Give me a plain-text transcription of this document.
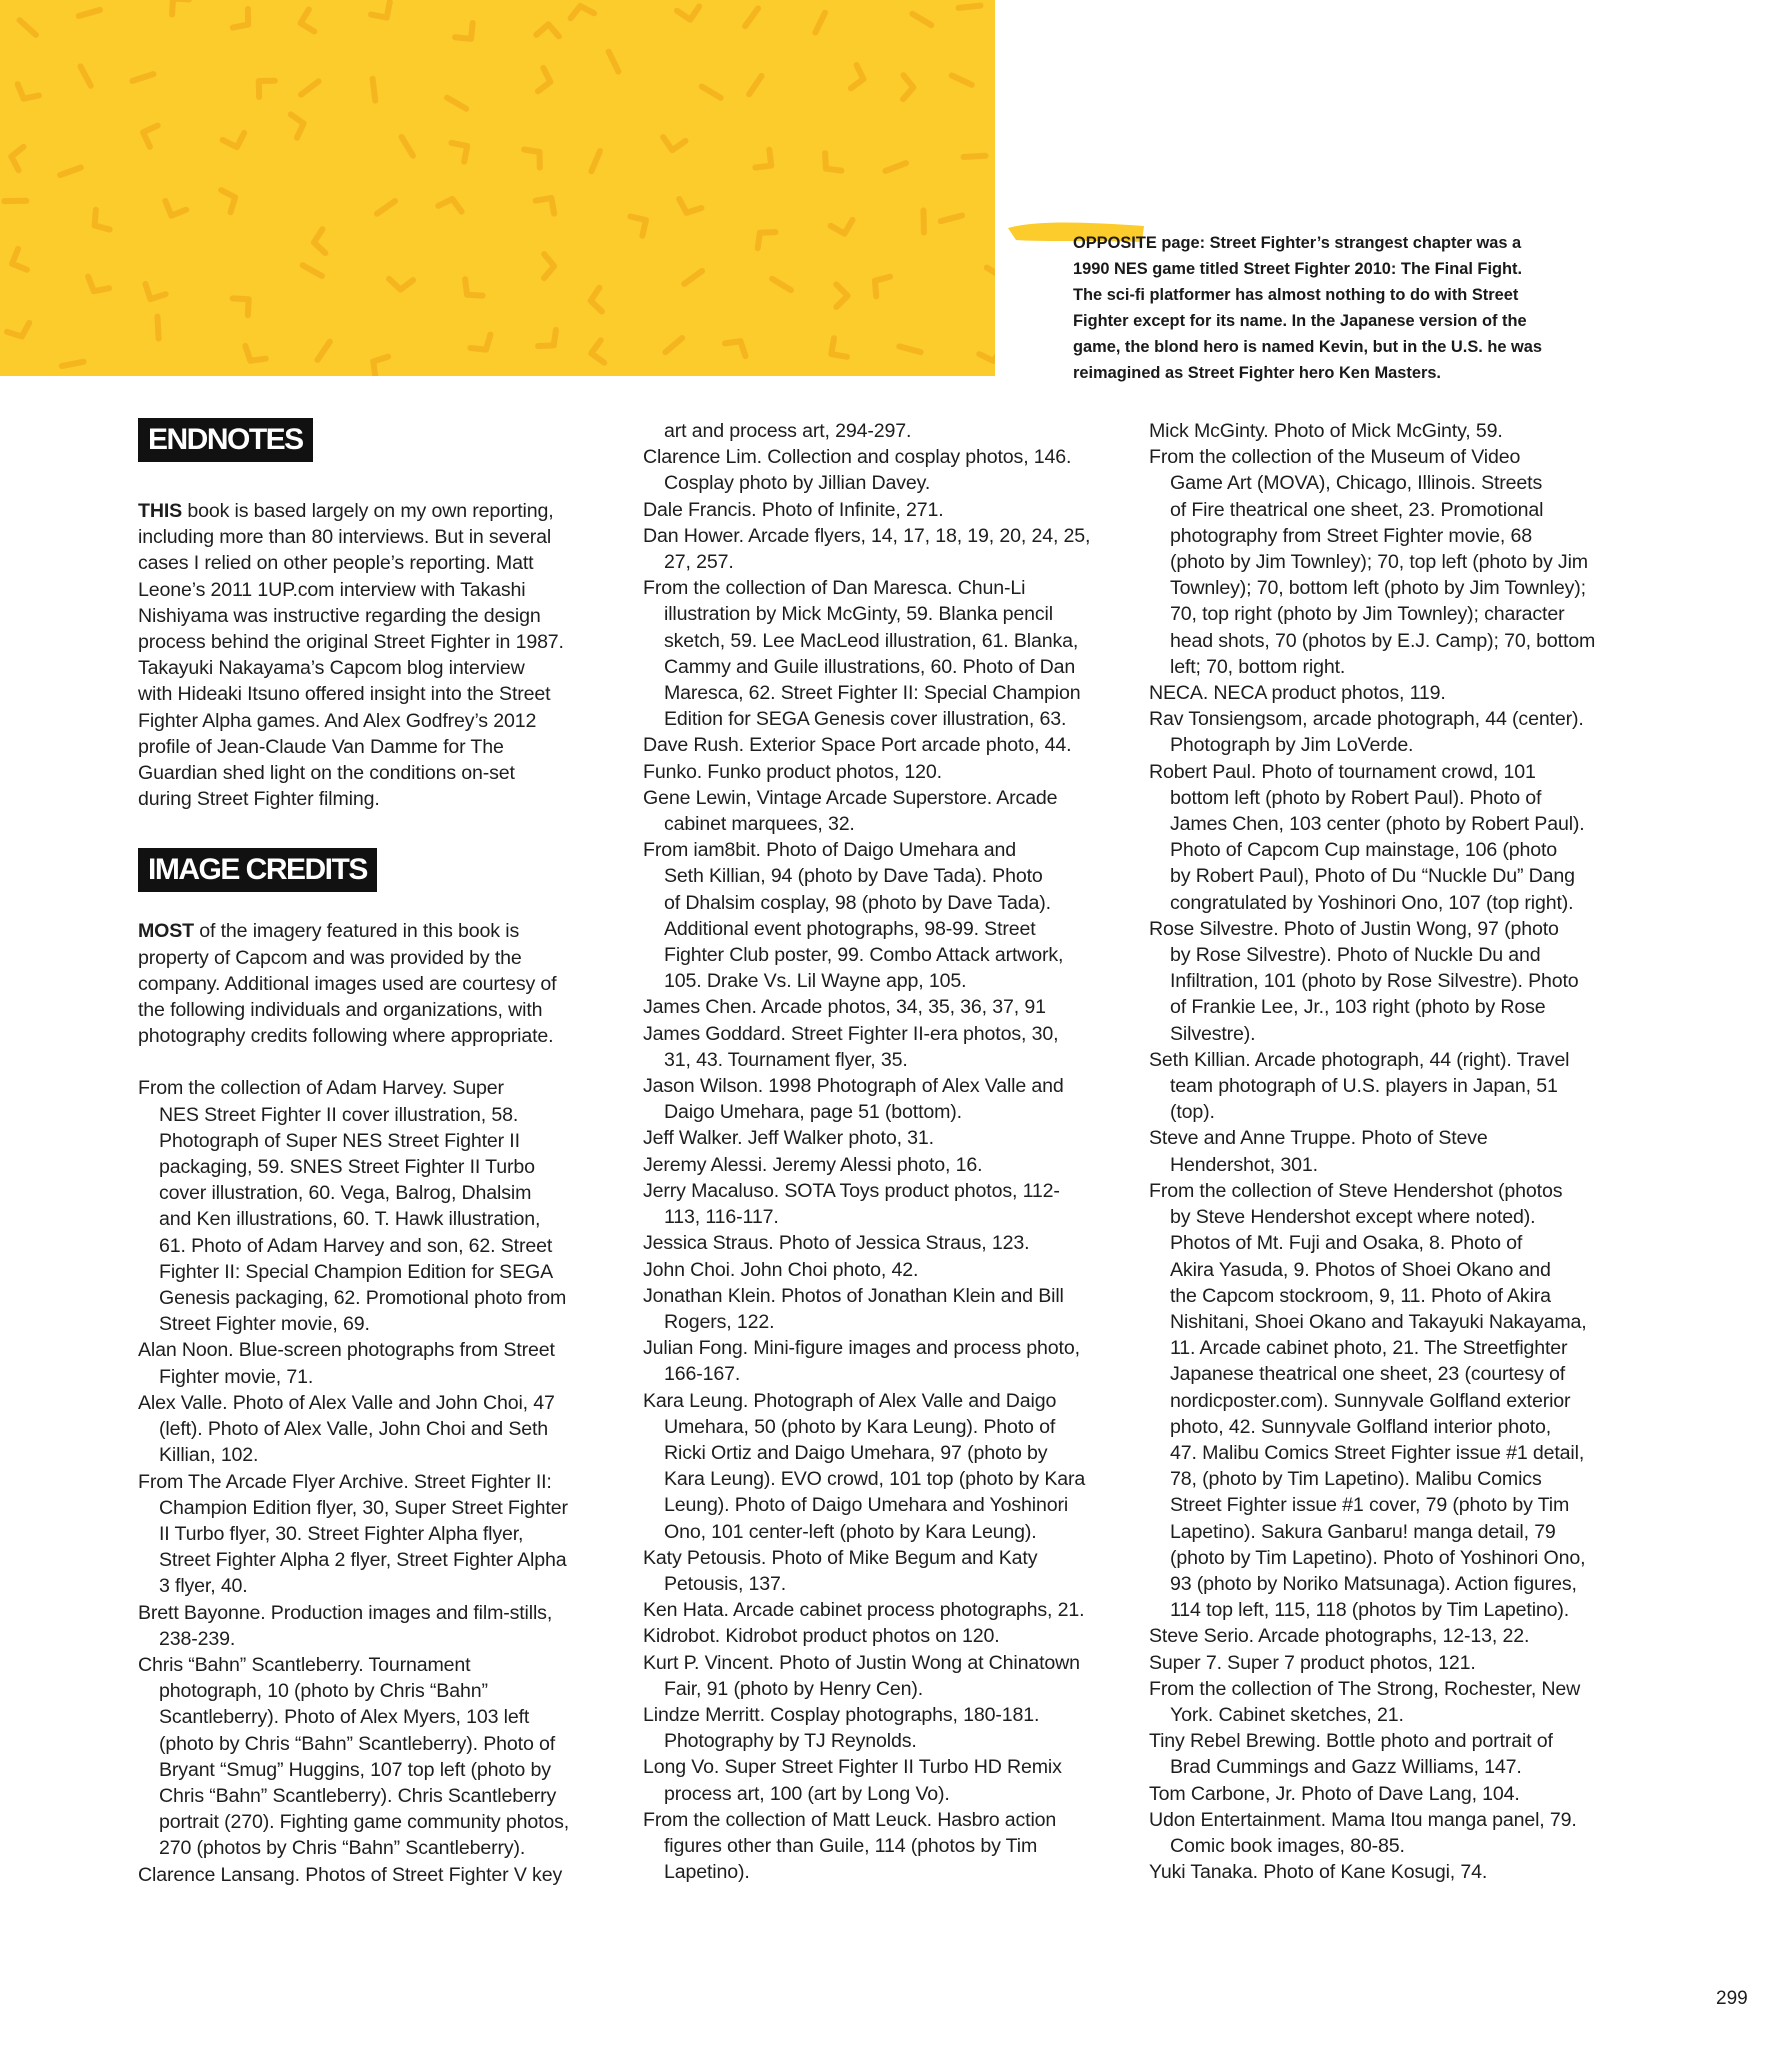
OPPOSITE page: Street Fighter’s strangest chapter was a
1990 NES game titled Street Fighter 2010: The Final Fight.
The sci-fi platformer has almost nothing to do with Street
Fighter except for its name. In the Japanese version of the
game, the blond hero is named Kevin, but in the U.S. he was
reimagined as Street Fighter hero Ken Masters.
ENDNOTES
THIS book is based largely on my own reporting,
including more than 80 interviews. But in several
cases I relied on other people’s reporting. Matt
Leone’s 2011 1UP.com interview with Takashi
Nishiyama was instructive regarding the design
process behind the original Street Fighter in 1987.
Takayuki Nakayama’s Capcom blog interview
with Hideaki Itsuno offered insight into the Street
Fighter Alpha games. And Alex Godfrey’s 2012
profile of Jean-Claude Van Damme for The
Guardian shed light on the conditions on-set
during Street Fighter filming.
IMAGE CREDITS
MOST of the imagery featured in this book is
property of Capcom and was provided by the
company. Additional images used are courtesy of
the following individuals and organizations, with
photography credits following where appropriate.
From the collection of Adam Harvey. Super
NES Street Fighter II cover illustration, 58.
Photograph of Super NES Street Fighter II
packaging, 59. SNES Street Fighter II Turbo
cover illustration, 60. Vega, Balrog, Dhalsim
and Ken illustrations, 60. T. Hawk illustration,
61. Photo of Adam Harvey and son, 62. Street
Fighter II: Special Champion Edition for SEGA
Genesis packaging, 62. Promotional photo from
Street Fighter movie, 69.
Alan Noon. Blue-screen photographs from Street
Fighter movie, 71.
Alex Valle. Photo of Alex Valle and John Choi, 47
(left). Photo of Alex Valle, John Choi and Seth
Killian, 102.
From The Arcade Flyer Archive. Street Fighter II:
Champion Edition flyer, 30, Super Street Fighter
II Turbo flyer, 30. Street Fighter Alpha flyer,
Street Fighter Alpha 2 flyer, Street Fighter Alpha
3 flyer, 40.
Brett Bayonne. Production images and film-stills,
238-239.
Chris “Bahn” Scantleberry. Tournament
photograph, 10 (photo by Chris “Bahn”
Scantleberry). Photo of Alex Myers, 103 left
(photo by Chris “Bahn” Scantleberry). Photo of
Bryant “Smug” Huggins, 107 top left (photo by
Chris “Bahn” Scantleberry). Chris Scantleberry
portrait (270). Fighting game community photos,
270 (photos by Chris “Bahn” Scantleberry).
Clarence Lansang. Photos of Street Fighter V key
art and process art, 294-297.
Clarence Lim. Collection and cosplay photos, 146.
Cosplay photo by Jillian Davey.
Dale Francis. Photo of Infinite, 271.
Dan Hower. Arcade flyers, 14, 17, 18, 19, 20, 24, 25,
27, 257.
From the collection of Dan Maresca. Chun-Li
illustration by Mick McGinty, 59. Blanka pencil
sketch, 59. Lee MacLeod illustration, 61. Blanka,
Cammy and Guile illustrations, 60. Photo of Dan
Maresca, 62. Street Fighter II: Special Champion
Edition for SEGA Genesis cover illustration, 63.
Dave Rush. Exterior Space Port arcade photo, 44.
Funko. Funko product photos, 120.
Gene Lewin, Vintage Arcade Superstore. Arcade
cabinet marquees, 32.
From iam8bit. Photo of Daigo Umehara and
Seth Killian, 94 (photo by Dave Tada). Photo
of Dhalsim cosplay, 98 (photo by Dave Tada).
Additional event photographs, 98-99. Street
Fighter Club poster, 99. Combo Attack artwork,
105. Drake Vs. Lil Wayne app, 105.
James Chen. Arcade photos, 34, 35, 36, 37, 91
James Goddard. Street Fighter II-era photos, 30,
31, 43. Tournament flyer, 35.
Jason Wilson. 1998 Photograph of Alex Valle and
Daigo Umehara, page 51 (bottom).
Jeff Walker. Jeff Walker photo, 31.
Jeremy Alessi. Jeremy Alessi photo, 16.
Jerry Macaluso. SOTA Toys product photos, 112-
113, 116-117.
Jessica Straus. Photo of Jessica Straus, 123.
John Choi. John Choi photo, 42.
Jonathan Klein. Photos of Jonathan Klein and Bill
Rogers, 122.
Julian Fong. Mini-figure images and process photo,
166-167.
Kara Leung. Photograph of Alex Valle and Daigo
Umehara, 50 (photo by Kara Leung). Photo of
Ricki Ortiz and Daigo Umehara, 97 (photo by
Kara Leung). EVO crowd, 101 top (photo by Kara
Leung). Photo of Daigo Umehara and Yoshinori
Ono, 101 center-left (photo by Kara Leung).
Katy Petousis. Photo of Mike Begum and Katy
Petousis, 137.
Ken Hata. Arcade cabinet process photographs, 21.
Kidrobot. Kidrobot product photos on 120.
Kurt P. Vincent. Photo of Justin Wong at Chinatown
Fair, 91 (photo by Henry Cen).
Lindze Merritt. Cosplay photographs, 180-181.
Photography by TJ Reynolds.
Long Vo. Super Street Fighter II Turbo HD Remix
process art, 100 (art by Long Vo).
From the collection of Matt Leuck. Hasbro action
figures other than Guile, 114 (photos by Tim
Lapetino).
Mick McGinty. Photo of Mick McGinty, 59.
From the collection of the Museum of Video
Game Art (MOVA), Chicago, Illinois. Streets
of Fire theatrical one sheet, 23. Promotional
photography from Street Fighter movie, 68
(photo by Jim Townley); 70, top left (photo by Jim
Townley); 70, bottom left (photo by Jim Townley);
70, top right (photo by Jim Townley); character
head shots, 70 (photos by E.J. Camp); 70, bottom
left; 70, bottom right.
NECA. NECA product photos, 119.
Rav Tonsiengsom, arcade photograph, 44 (center).
Photograph by Jim LoVerde.
Robert Paul. Photo of tournament crowd, 101
bottom left (photo by Robert Paul). Photo of
James Chen, 103 center (photo by Robert Paul).
Photo of Capcom Cup mainstage, 106 (photo
by Robert Paul), Photo of Du “Nuckle Du” Dang
congratulated by Yoshinori Ono, 107 (top right).
Rose Silvestre. Photo of Justin Wong, 97 (photo
by Rose Silvestre). Photo of Nuckle Du and
Infiltration, 101 (photo by Rose Silvestre). Photo
of Frankie Lee, Jr., 103 right (photo by Rose
Silvestre).
Seth Killian. Arcade photograph, 44 (right). Travel
team photograph of U.S. players in Japan, 51
(top).
Steve and Anne Truppe. Photo of Steve
Hendershot, 301.
From the collection of Steve Hendershot (photos
by Steve Hendershot except where noted).
Photos of Mt. Fuji and Osaka, 8. Photo of
Akira Yasuda, 9. Photos of Shoei Okano and
the Capcom stockroom, 9, 11. Photo of Akira
Nishitani, Shoei Okano and Takayuki Nakayama,
11. Arcade cabinet photo, 21. The Streetfighter
Japanese theatrical one sheet, 23 (courtesy of
nordicposter.com). Sunnyvale Golfland exterior
photo, 42. Sunnyvale Golfland interior photo,
47. Malibu Comics Street Fighter issue #1 detail,
78, (photo by Tim Lapetino). Malibu Comics
Street Fighter issue #1 cover, 79 (photo by Tim
Lapetino). Sakura Ganbaru! manga detail, 79
(photo by Tim Lapetino). Photo of Yoshinori Ono,
93 (photo by Noriko Matsunaga). Action figures,
114 top left, 115, 118 (photos by Tim Lapetino).
Steve Serio. Arcade photographs, 12-13, 22.
Super 7. Super 7 product photos, 121.
From the collection of The Strong, Rochester, New
York. Cabinet sketches, 21.
Tiny Rebel Brewing. Bottle photo and portrait of
Brad Cummings and Gazz Williams, 147.
Tom Carbone, Jr. Photo of Dave Lang, 104.
Udon Entertainment. Mama Itou manga panel, 79.
Comic book images, 80-85.
Yuki Tanaka. Photo of Kane Kosugi, 74.
299
